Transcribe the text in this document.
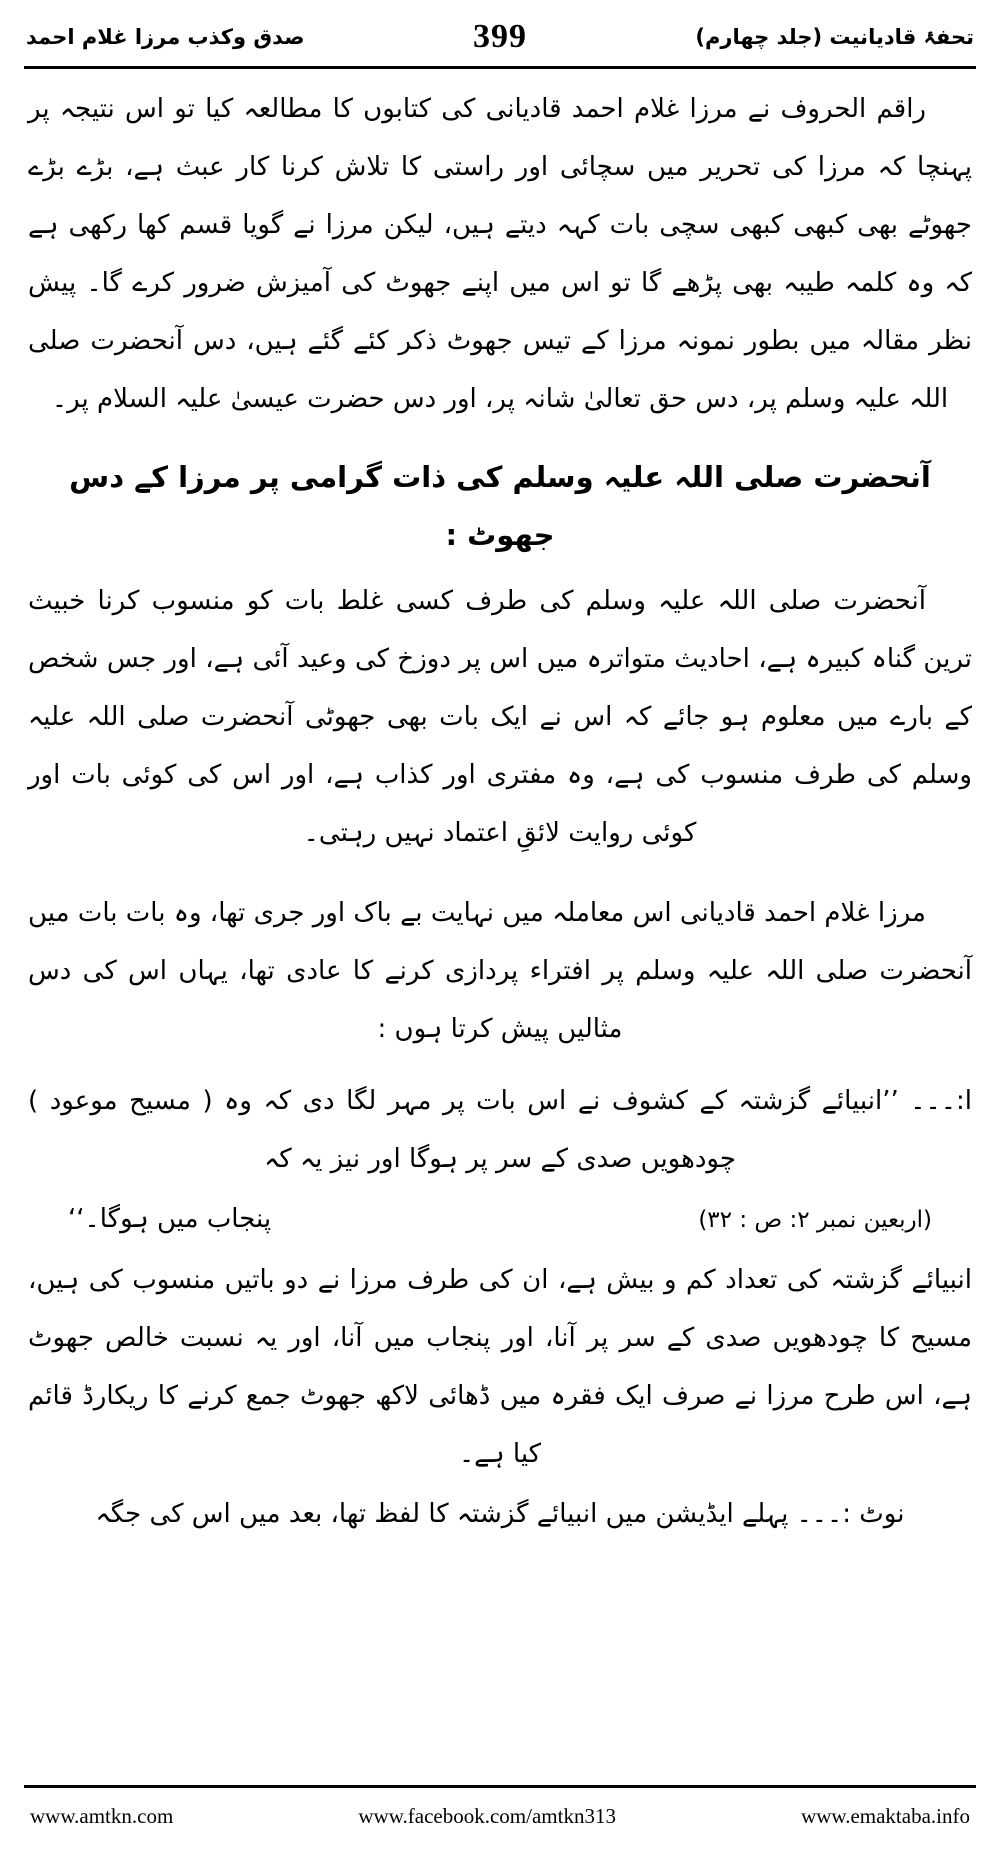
تحفۂ قادیانیت (جلد چهارم)
399
صدق وکذب مرزا غلام احمد

راقم الحروف نے مرزا غلام احمد قادیانی کی کتابوں کا مطالعہ کیا تو اس نتیجہ پر پہنچا کہ مرزا کی تحریر میں سچائی اور راستی کا تلاش کرنا کار عبث ہے، بڑے بڑے جھوٹے بھی کبھی کبھی سچی بات کہہ دیتے ہیں، لیکن مرزا نے گویا قسم کھا رکھی ہے کہ وہ کلمہ طیبہ بھی پڑھے گا تو اس میں اپنے جھوٹ کی آمیزش ضرور کرے گا۔ پیش نظر مقالہ میں بطور نمونہ مرزا کے تیس جھوٹ ذکر کئے گئے ہیں، دس آنحضرت صلی اللہ علیہ وسلم پر، دس حق تعالیٰ شانہ پر، اور دس حضرت عیسیٰ علیہ السلام پر۔

آنحضرت صلی اللہ علیہ وسلم کی ذات گرامی پر مرزا کے دس جھوٹ :

آنحضرت صلی اللہ علیہ وسلم کی طرف کسی غلط بات کو منسوب کرنا خبیث ترین گناہ کبیرہ ہے، احادیث متواترہ میں اس پر دوزخ کی وعید آئی ہے، اور جس شخص کے بارے میں معلوم ہو جائے کہ اس نے ایک بات بھی جھوٹی آنحضرت صلی اللہ علیہ وسلم کی طرف منسوب کی ہے، وہ مفتری اور کذاب ہے، اور اس کی کوئی بات اور کوئی روایت لائقِ اعتماد نہیں رہتی۔

مرزا غلام احمد قادیانی اس معاملہ میں نہایت بے باک اور جری تھا، وہ بات بات میں آنحضرت صلی اللہ علیہ وسلم پر افتراء پردازی کرنے کا عادی تھا، یہاں اس کی دس مثالیں پیش کرتا ہوں :

ا:۔۔۔ ’’انبیائے گزشتہ کے کشوف نے اس بات پر مہر لگا دی کہ وہ ( مسیح موعود ) چودھویں صدی کے سر پر ہوگا اور نیز یہ کہ

(اربعین نمبر ۲: ص : ۳۲)
پنجاب میں ہوگا۔‘‘

انبیائے گزشتہ کی تعداد کم و بیش ہے، ان کی طرف مرزا نے دو باتیں منسوب کی ہیں، مسیح کا چودھویں صدی کے سر پر آنا، اور پنجاب میں آنا، اور یہ نسبت خالص جھوٹ ہے، اس طرح مرزا نے صرف ایک فقرہ میں ڈھائی لاکھ جھوٹ جمع کرنے کا ریکارڈ قائم کیا ہے۔

نوٹ :۔۔۔ پہلے ایڈیشن میں انبیائے گزشتہ کا لفظ تھا، بعد میں اس کی جگہ

www.amtkn.com	www.facebook.com/amtkn313	www.emaktaba.info
